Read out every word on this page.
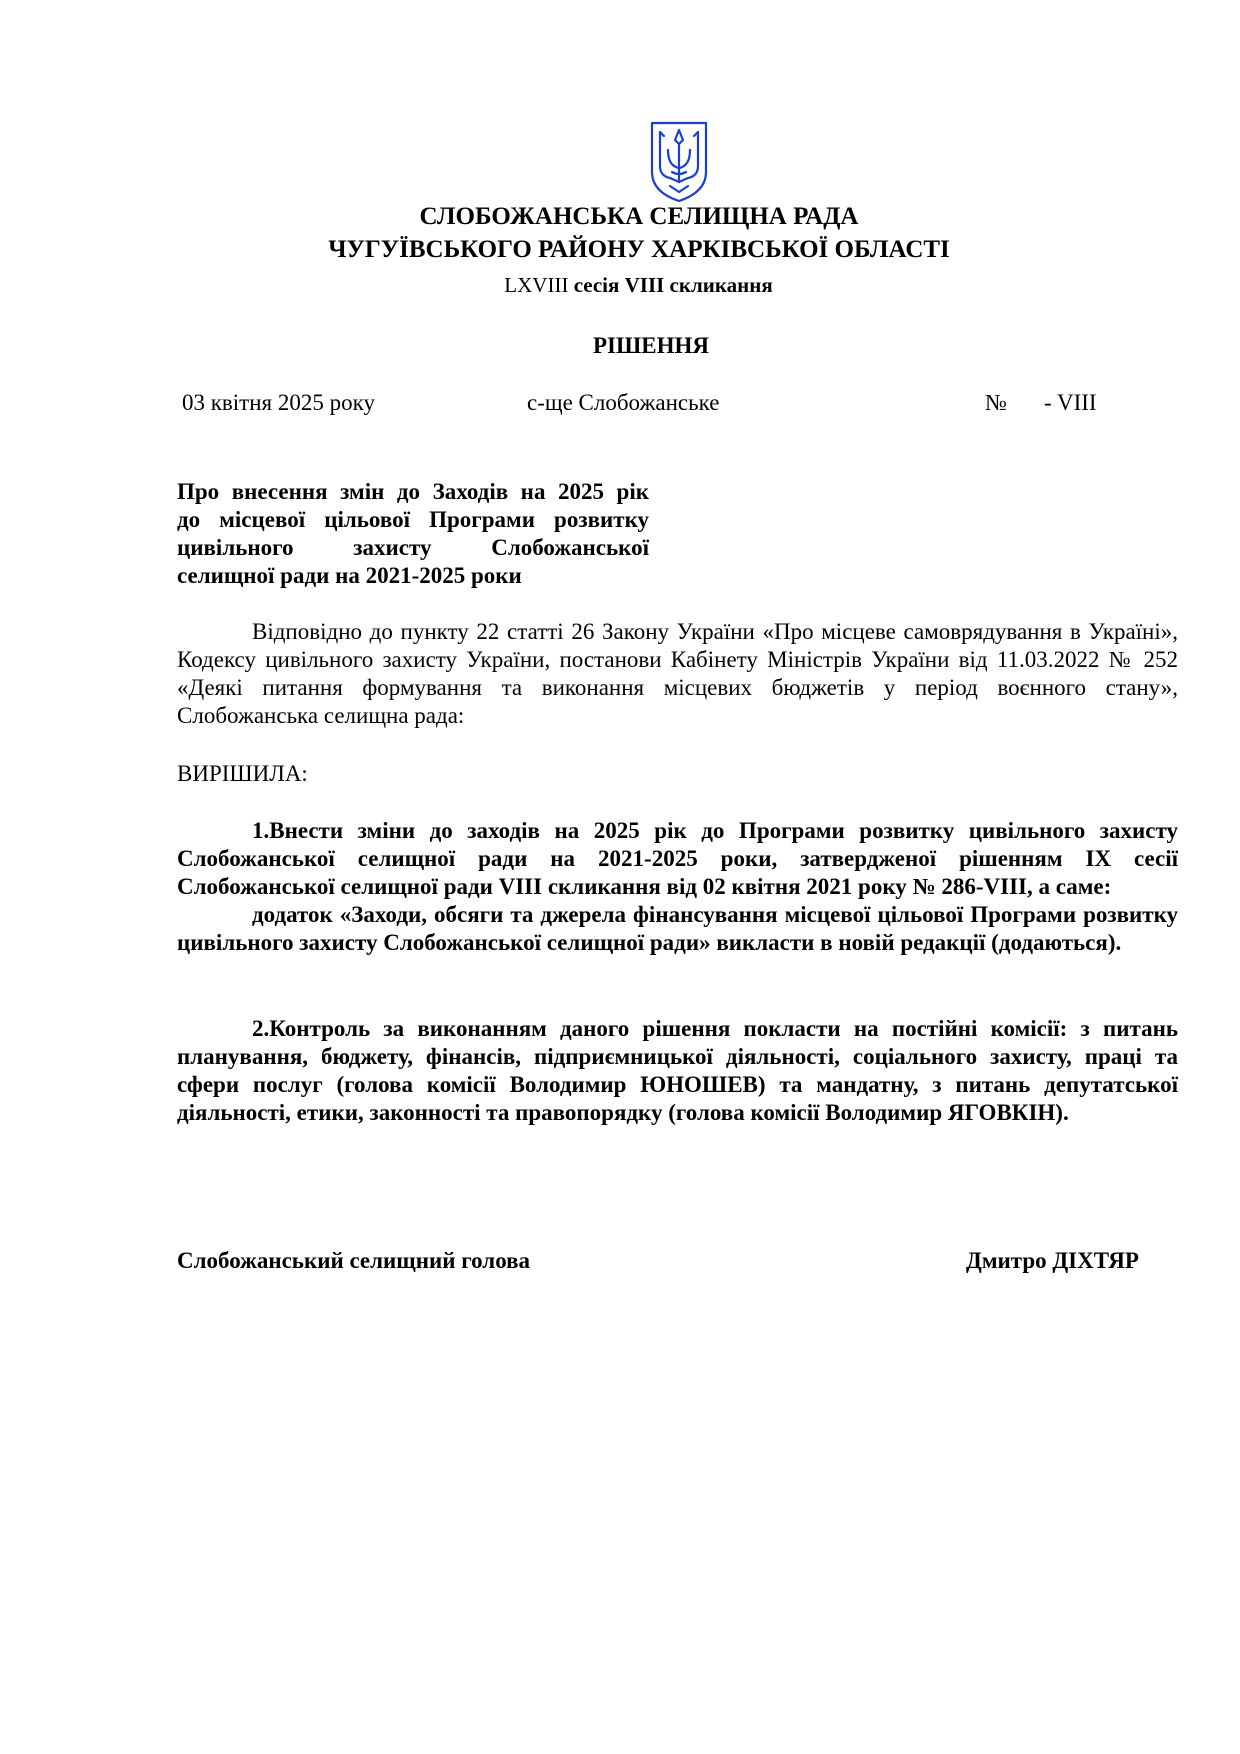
СЛОБОЖАНСЬКА СЕЛИЩНА РАДА
ЧУГУЇВСЬКОГО РАЙОНУ ХАРКІВСЬКОЇ ОБЛАСТІ
LXVIII сесія VIII скликання
РІШЕННЯ
03 квітня 2025 року	с-ще Слобожанське	№ - VIII
Про внесення змін до Заходів на 2025 рік
до місцевої цільової Програми розвитку
цивільного захисту Слобожанської
селищної ради на 2021-2025 роки
Відповідно до пункту 22 статті 26 Закону України «Про місцеве самоврядування в Україні», Кодексу цивільного захисту України, постанови Кабінету Міністрів України від 11.03.2022 № 252 «Деякі питання формування та виконання місцевих бюджетів у період воєнного стану», Слобожанська селищна рада:
ВИРІШИЛА:
1.Внести зміни до заходів на 2025 рік до Програми розвитку цивільного захисту Слобожанської селищної ради на 2021-2025 роки, затвердженої рішенням ІХ сесії Слобожанської селищної ради VIII скликання від 02 квітня 2021 року № 286-VIII, а саме:
додаток «Заходи, обсяги та джерела фінансування місцевої цільової Програми розвитку цивільного захисту Слобожанської селищної ради» викласти в новій редакції (додаються).
2.Контроль за виконанням даного рішення покласти на постійні комісії: з питань планування, бюджету, фінансів, підприємницької діяльності, соціального захисту, праці та сфери послуг (голова комісії Володимир ЮНОШЕВ) та мандатну, з питань депутатської діяльності, етики, законності та правопорядку (голова комісії Володимир ЯГОВКІН).
Слобожанський селищний голова	Дмитро ДІХТЯР
